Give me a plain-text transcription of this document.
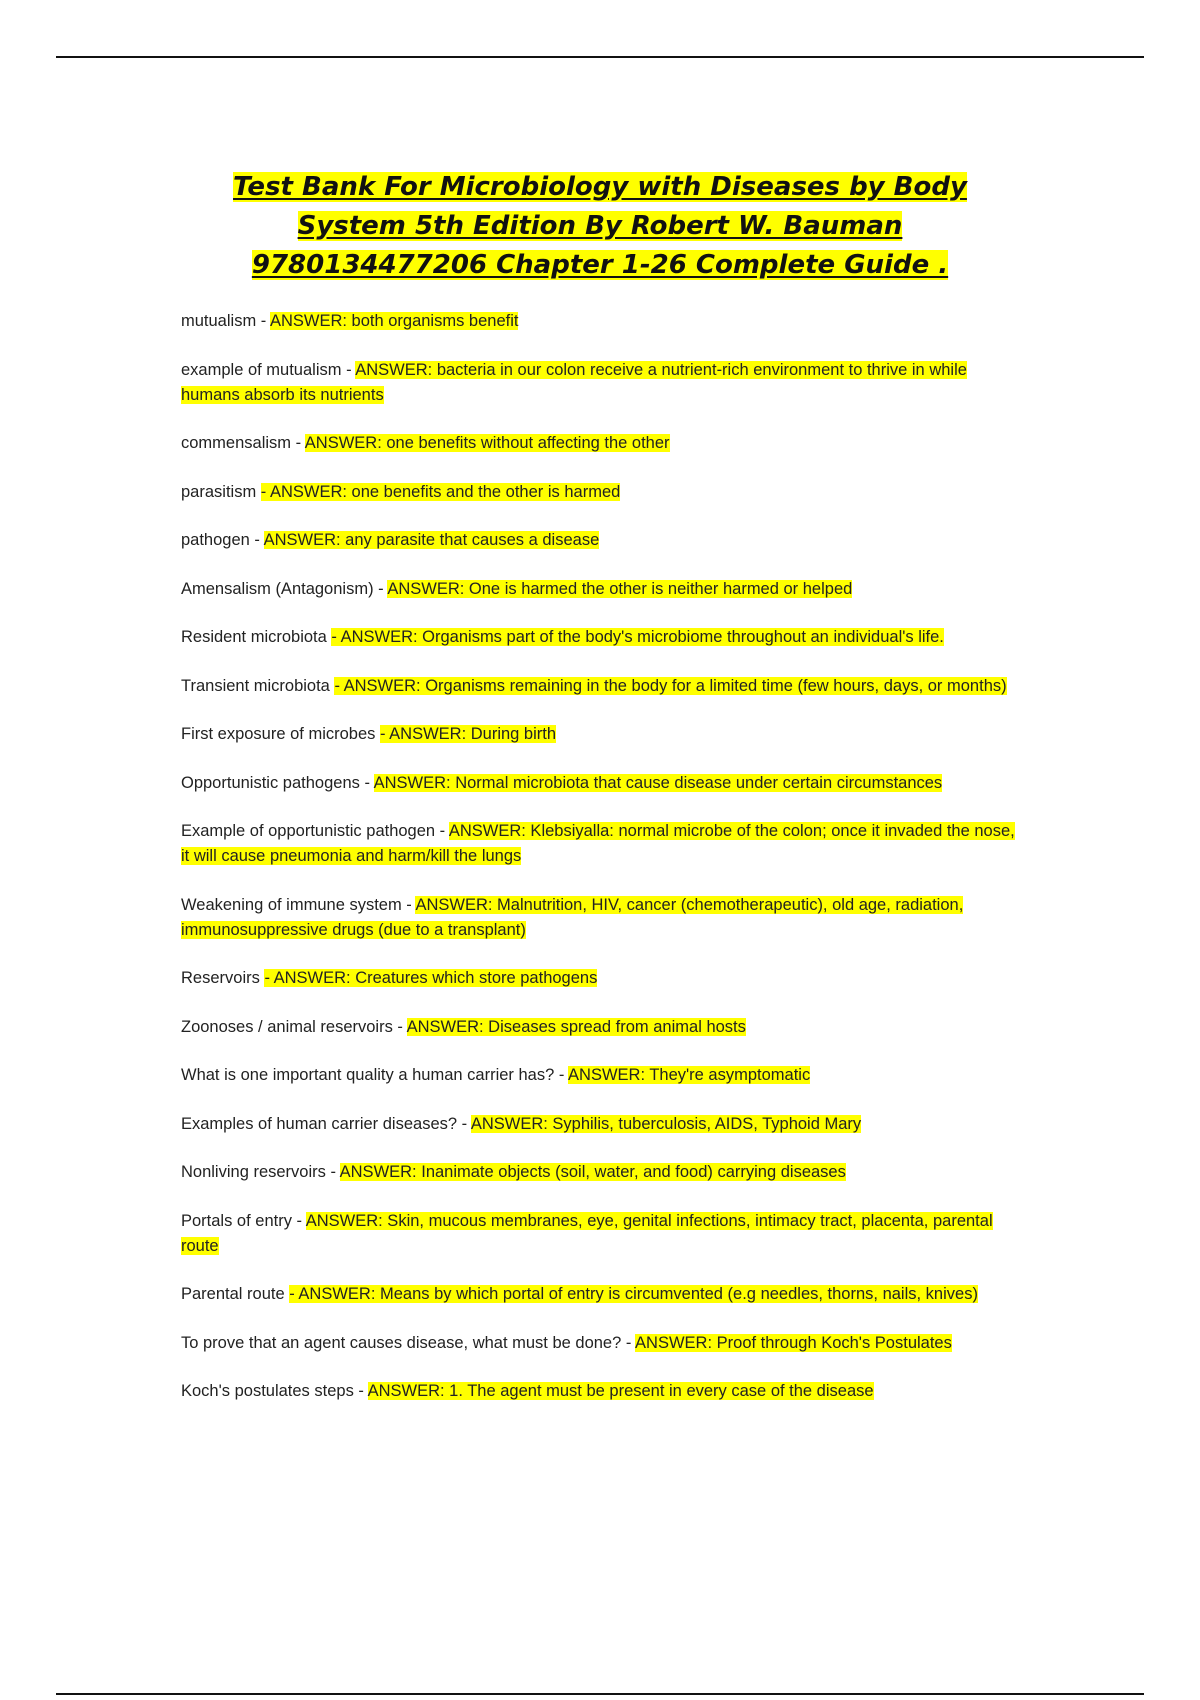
Test Bank For Microbiology with Diseases by Body System 5th Edition By Robert W. Bauman 9780134477206 Chapter 1-26 Complete Guide .
mutualism - ANSWER: both organisms benefit
example of mutualism - ANSWER: bacteria in our colon receive a nutrient-rich environment to thrive in while humans absorb its nutrients
commensalism - ANSWER: one benefits without affecting the other
parasitism - ANSWER: one benefits and the other is harmed
pathogen - ANSWER: any parasite that causes a disease
Amensalism (Antagonism) - ANSWER: One is harmed the other is neither harmed or helped
Resident microbiota - ANSWER: Organisms part of the body's microbiome throughout an individual's life.
Transient microbiota - ANSWER: Organisms remaining in the body for a limited time (few hours, days, or months)
First exposure of microbes - ANSWER: During birth
Opportunistic pathogens - ANSWER: Normal microbiota that cause disease under certain circumstances
Example of opportunistic pathogen - ANSWER: Klebsiyalla: normal microbe of the colon; once it invaded the nose, it will cause pneumonia and harm/kill the lungs
Weakening of immune system - ANSWER: Malnutrition, HIV, cancer (chemotherapeutic), old age, radiation, immunosuppressive drugs (due to a transplant)
Reservoirs - ANSWER: Creatures which store pathogens
Zoonoses / animal reservoirs - ANSWER: Diseases spread from animal hosts
What is one important quality a human carrier has? - ANSWER: They're asymptomatic
Examples of human carrier diseases? - ANSWER: Syphilis, tuberculosis, AIDS, Typhoid Mary
Nonliving reservoirs - ANSWER: Inanimate objects (soil, water, and food) carrying diseases
Portals of entry - ANSWER: Skin, mucous membranes, eye, genital infections, intimacy tract, placenta, parental route
Parental route - ANSWER: Means by which portal of entry is circumvented (e.g needles, thorns, nails, knives)
To prove that an agent causes disease, what must be done? - ANSWER: Proof through Koch's Postulates
Koch's postulates steps - ANSWER: 1. The agent must be present in every case of the disease
